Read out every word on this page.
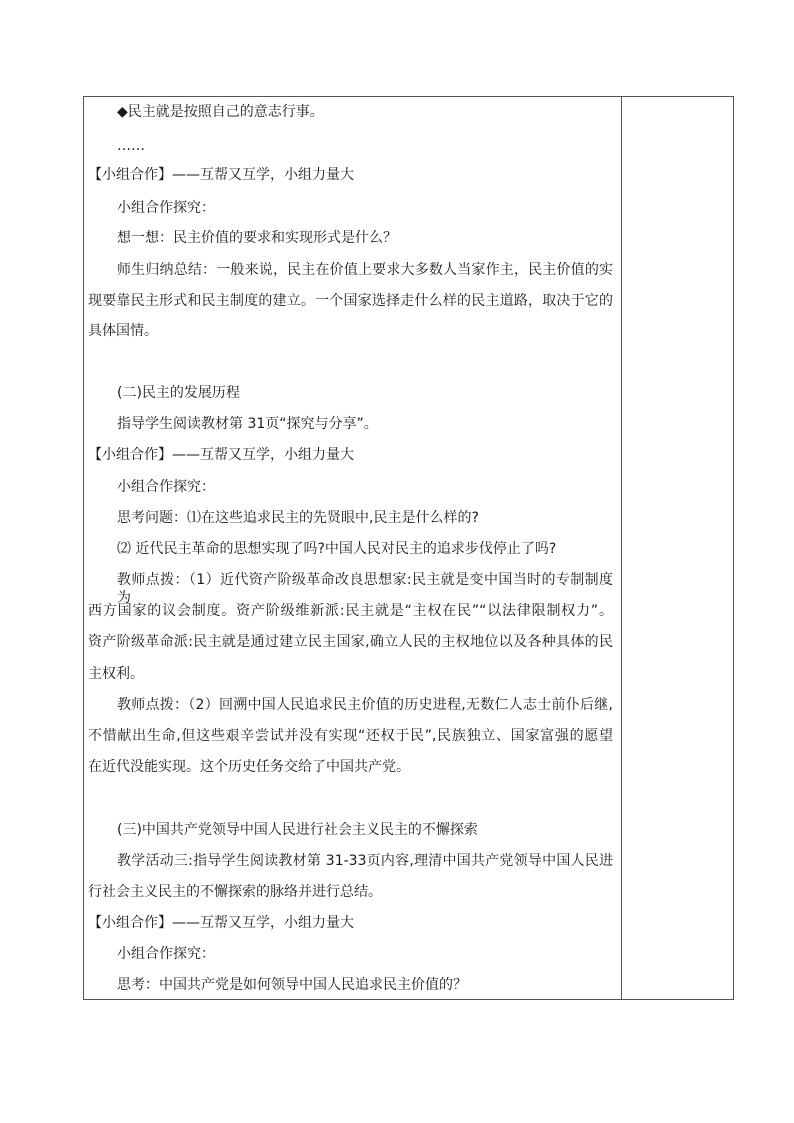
◆民主就是按照自己的意志行事。
……
【小组合作】——互帮又互学，小组力量大
小组合作探究：
想一想：民主价值的要求和实现形式是什么？
师生归纳总结：一般来说，民主在价值上要求大多数人当家作主，民主价值的实
现要靠民主形式和民主制度的建立。一个国家选择走什么样的民主道路，取决于它的
具体国情。
(二)民主的发展历程
指导学生阅读教材第 31页“探究与分享”。
【小组合作】——互帮又互学，小组力量大
小组合作探究：
思考问题：⑴在这些追求民主的先贤眼中,民主是什么样的?
⑵ 近代民主革命的思想实现了吗?中国人民对民主的追求步伐停止了吗?
教师点拨：（1）近代资产阶级革命改良思想家:民主就是变中国当时的专制制度为
西方国家的议会制度。资产阶级维新派:民主就是“主权在民”“以法律限制权力”。
资产阶级革命派:民主就是通过建立民主国家,确立人民的主权地位以及各种具体的民
主权利。
教师点拨：（2）回溯中国人民追求民主价值的历史进程,无数仁人志士前仆后继,
不惜献出生命,但这些艰辛尝试并没有实现“还权于民”,民族独立、国家富强的愿望
在近代没能实现。这个历史任务交给了中国共产党。
(三)中国共产党领导中国人民进行社会主义民主的不懈探索
教学活动三:指导学生阅读教材第 31-33页内容,理清中国共产党领导中国人民进
行社会主义民主的不懈探索的脉络并进行总结。
【小组合作】——互帮又互学，小组力量大
小组合作探究：
思考：中国共产党是如何领导中国人民追求民主价值的？
